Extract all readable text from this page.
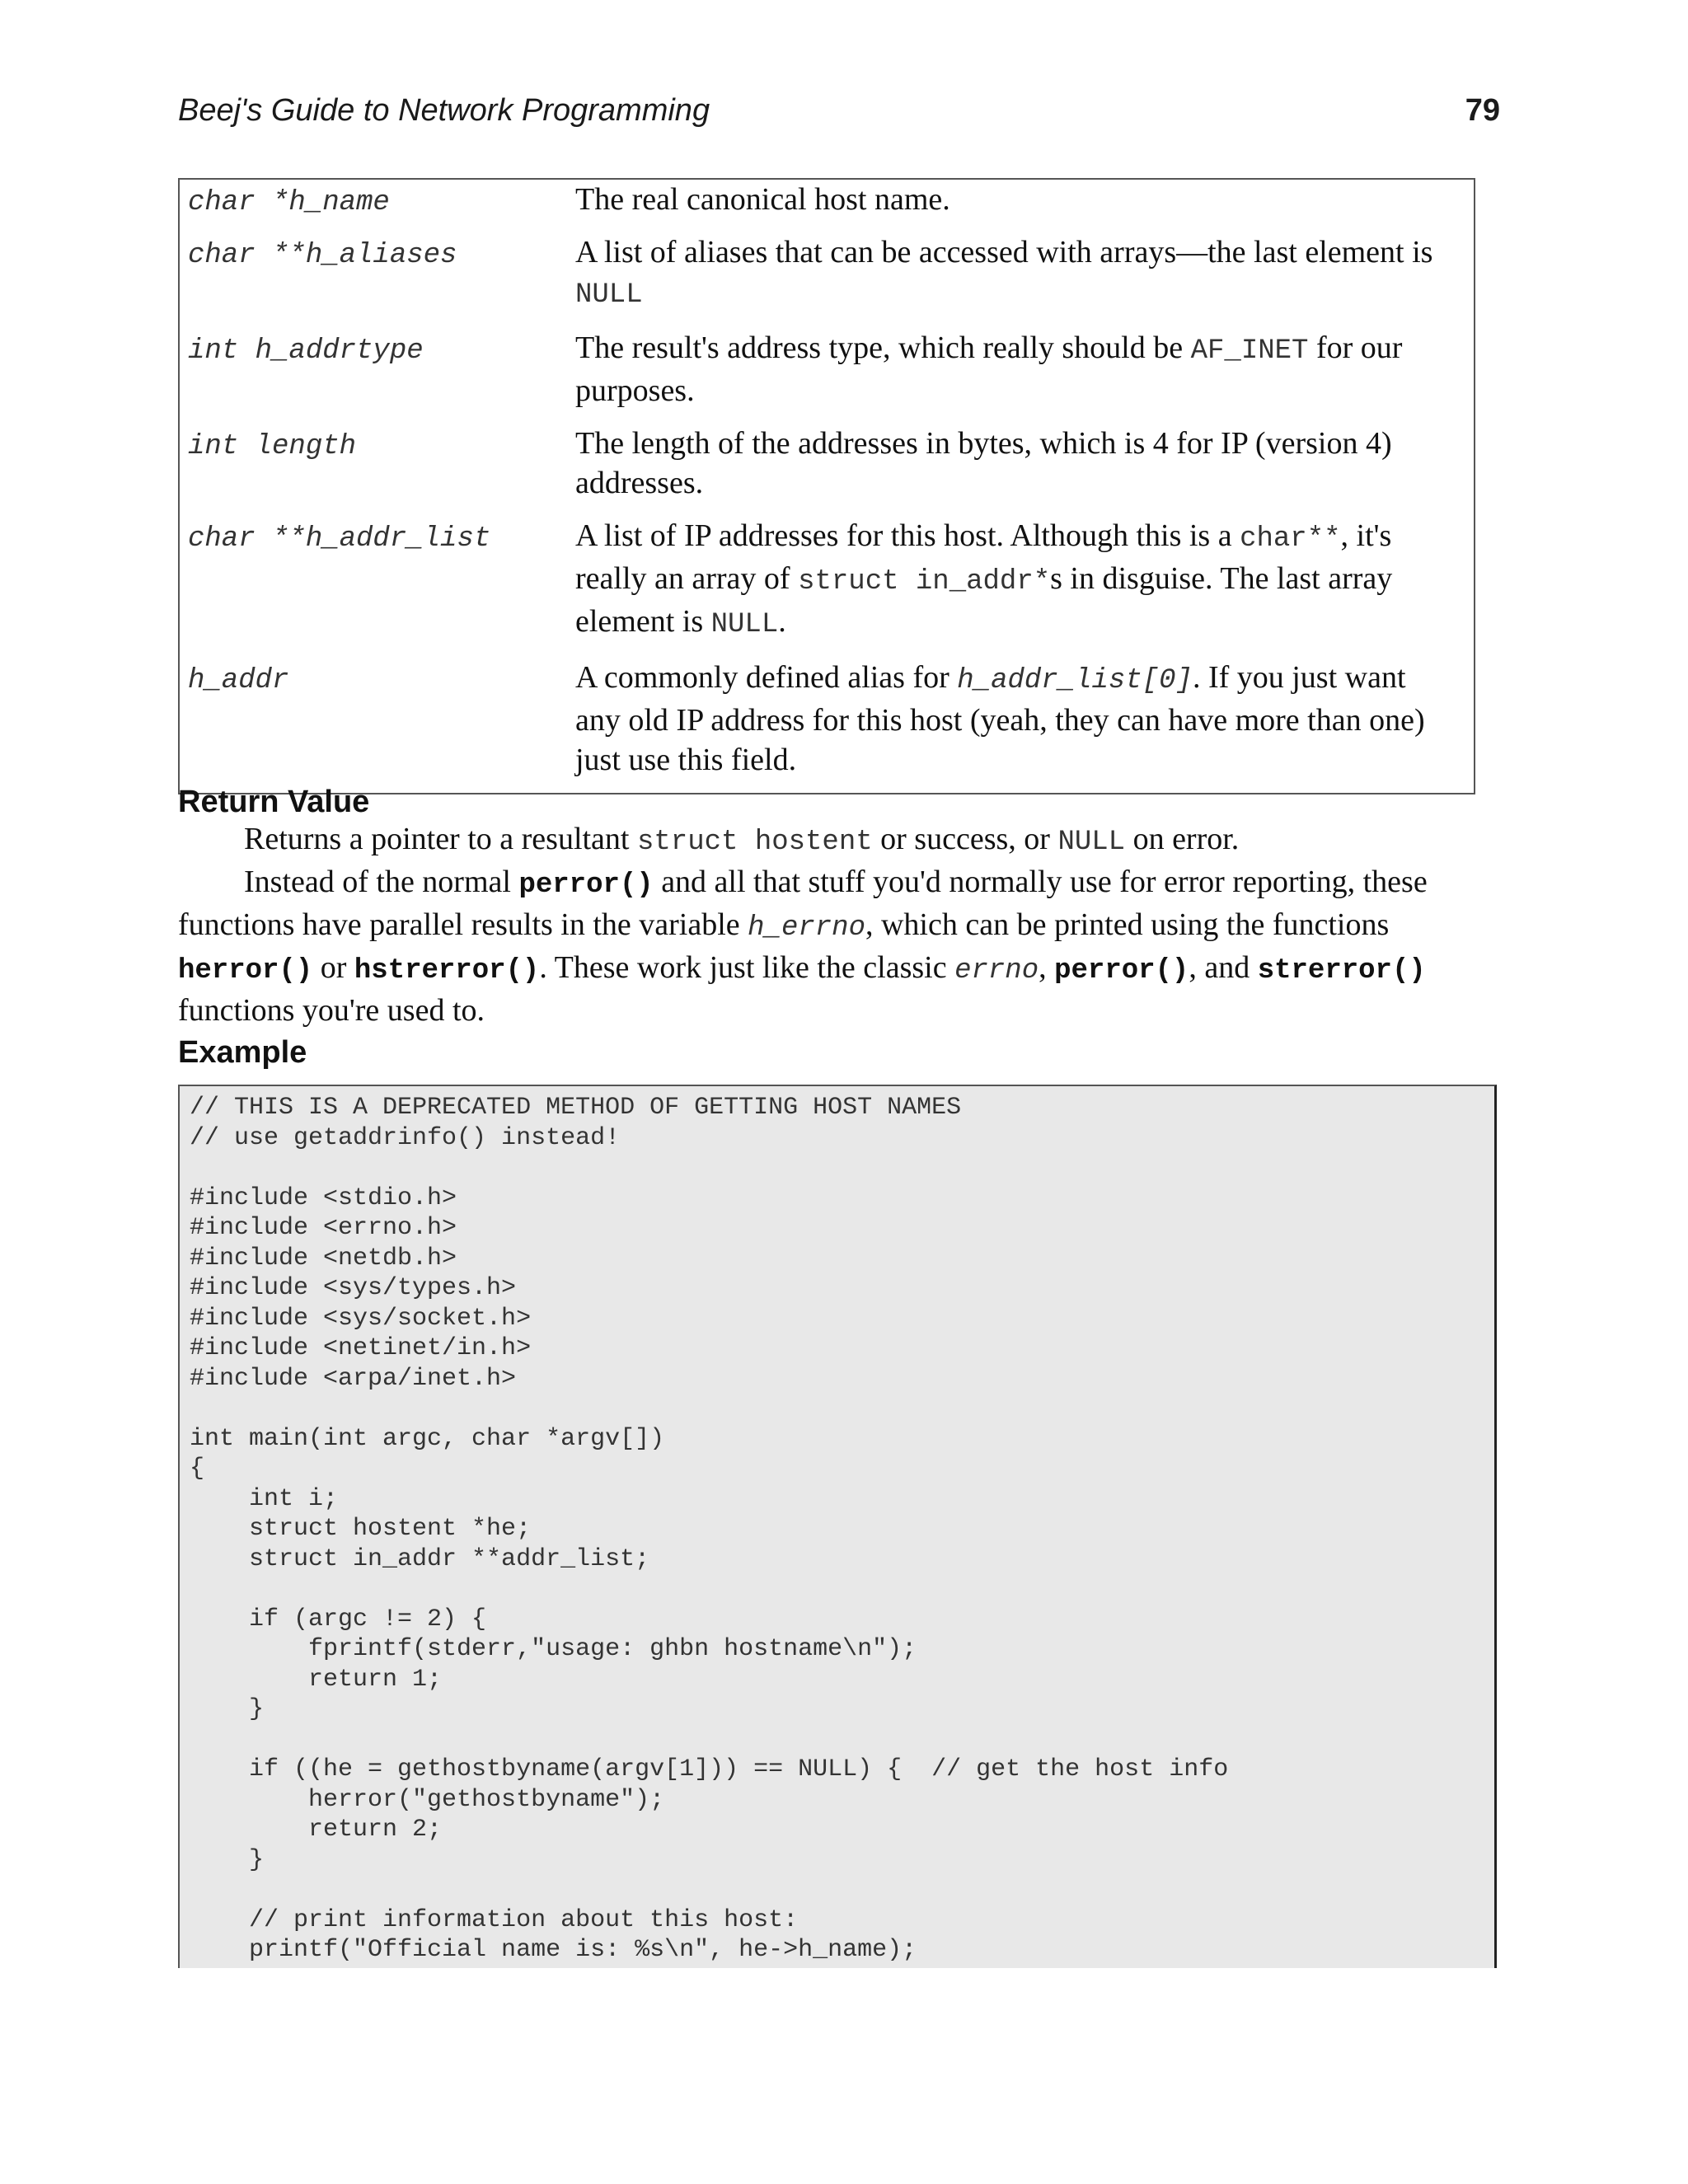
Beej's Guide to Network Programming	79
char *h_name	The real canonical host name.
char **h_aliases	A list of aliases that can be accessed with arrays—the last element is NULL
int h_addrtype	The result's address type, which really should be AF_INET for our purposes.
int length	The length of the addresses in bytes, which is 4 for IP (version 4) addresses.
char **h_addr_list	A list of IP addresses for this host. Although this is a char**, it's really an array of struct in_addr*s in disguise. The last array element is NULL.
h_addr	A commonly defined alias for h_addr_list[0]. If you just want any old IP address for this host (yeah, they can have more than one) just use this field.
Return Value

Returns a pointer to a resultant struct hostent or success, or NULL on error.

Instead of the normal perror() and all that stuff you'd normally use for error reporting, these functions have parallel results in the variable h_errno, which can be printed using the functions herror() or hstrerror(). These work just like the classic errno, perror(), and strerror() functions you're used to.

Example
// THIS IS A DEPRECATED METHOD OF GETTING HOST NAMES
// use getaddrinfo() instead!

#include <stdio.h>
#include <errno.h>
#include <netdb.h>
#include <sys/types.h>
#include <sys/socket.h>
#include <netinet/in.h>
#include <arpa/inet.h>

int main(int argc, char *argv[])
{
int i;
struct hostent *he;
struct in_addr **addr_list;

if (argc != 2) {
fprintf(stderr,"usage: ghbn hostname\n");
return 1;
}

if ((he = gethostbyname(argv[1])) == NULL) {  // get the host info
herror("gethostbyname");
return 2;
}

// print information about this host:
printf("Official name is: %s\n", he->h_name);
